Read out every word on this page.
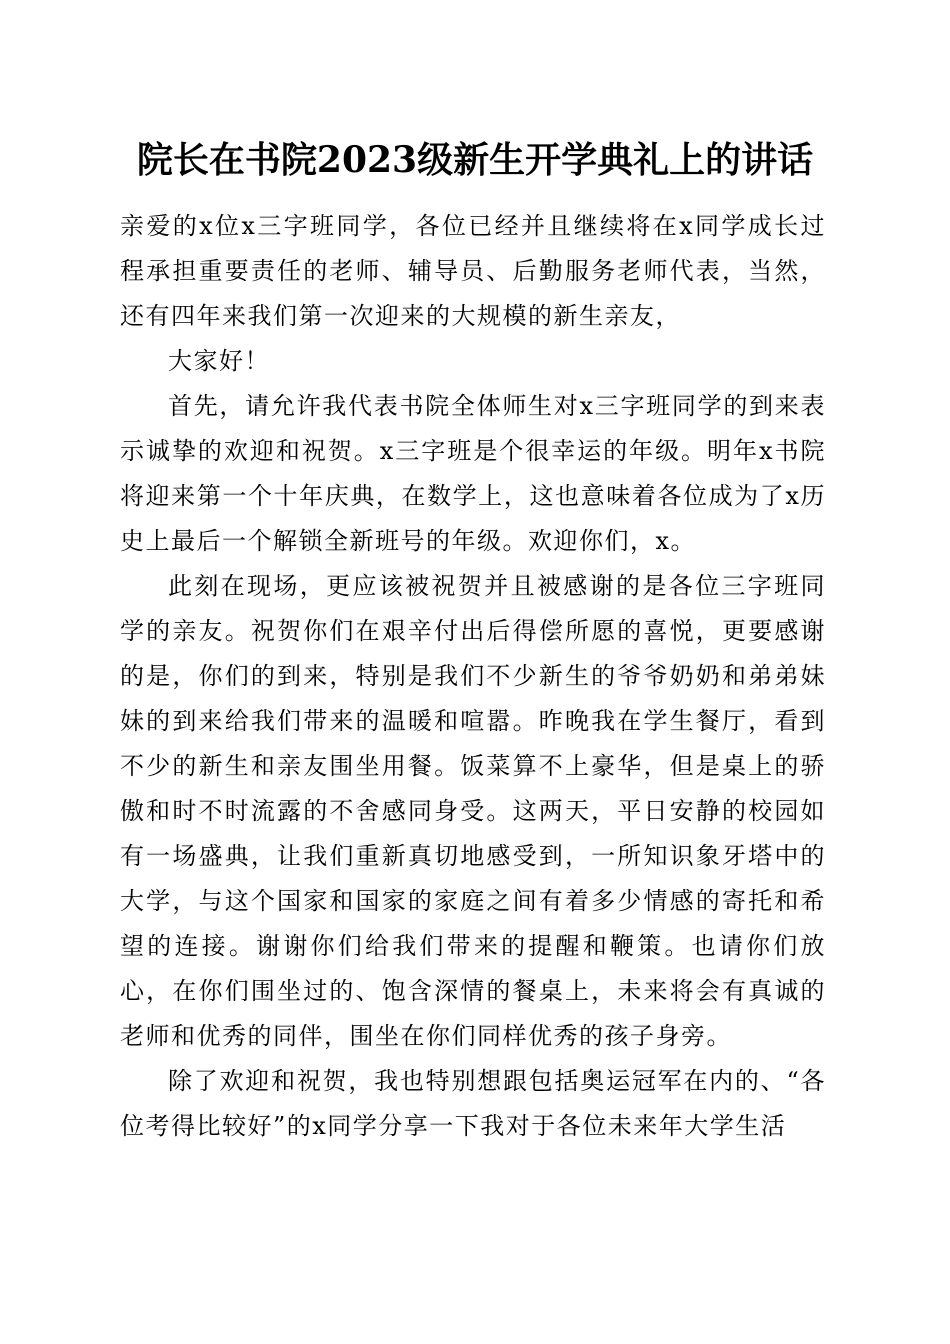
院长在书院2023级新生开学典礼上的讲话

亲爱的x位x三字班同学，各位已经并且继续将在x同学成长过程承担重要责任的老师、辅导员、后勤服务老师代表，当然，还有四年来我们第一次迎来的大规模的新生亲友，

大家好！

首先，请允许我代表书院全体师生对x三字班同学的到来表示诚挚的欢迎和祝贺。x三字班是个很幸运的年级。明年x书院将迎来第一个十年庆典，在数学上，这也意味着各位成为了x历史上最后一个解锁全新班号的年级。欢迎你们，x。

此刻在现场，更应该被祝贺并且被感谢的是各位三字班同学的亲友。祝贺你们在艰辛付出后得偿所愿的喜悦，更要感谢的是，你们的到来，特别是我们不少新生的爷爷奶奶和弟弟妹妹的到来给我们带来的温暖和喧嚣。昨晚我在学生餐厅，看到不少的新生和亲友围坐用餐。饭菜算不上豪华，但是桌上的骄傲和时不时流露的不舍感同身受。这两天，平日安静的校园如有一场盛典，让我们重新真切地感受到，一所知识象牙塔中的大学，与这个国家和国家的家庭之间有着多少情感的寄托和希望的连接。谢谢你们给我们带来的提醒和鞭策。也请你们放心，在你们围坐过的、饱含深情的餐桌上，未来将会有真诚的老师和优秀的同伴，围坐在你们同样优秀的孩子身旁。

除了欢迎和祝贺，我也特别想跟包括奥运冠军在内的、“各位考得比较好”的x同学分享一下我对于各位未来年大学生活
